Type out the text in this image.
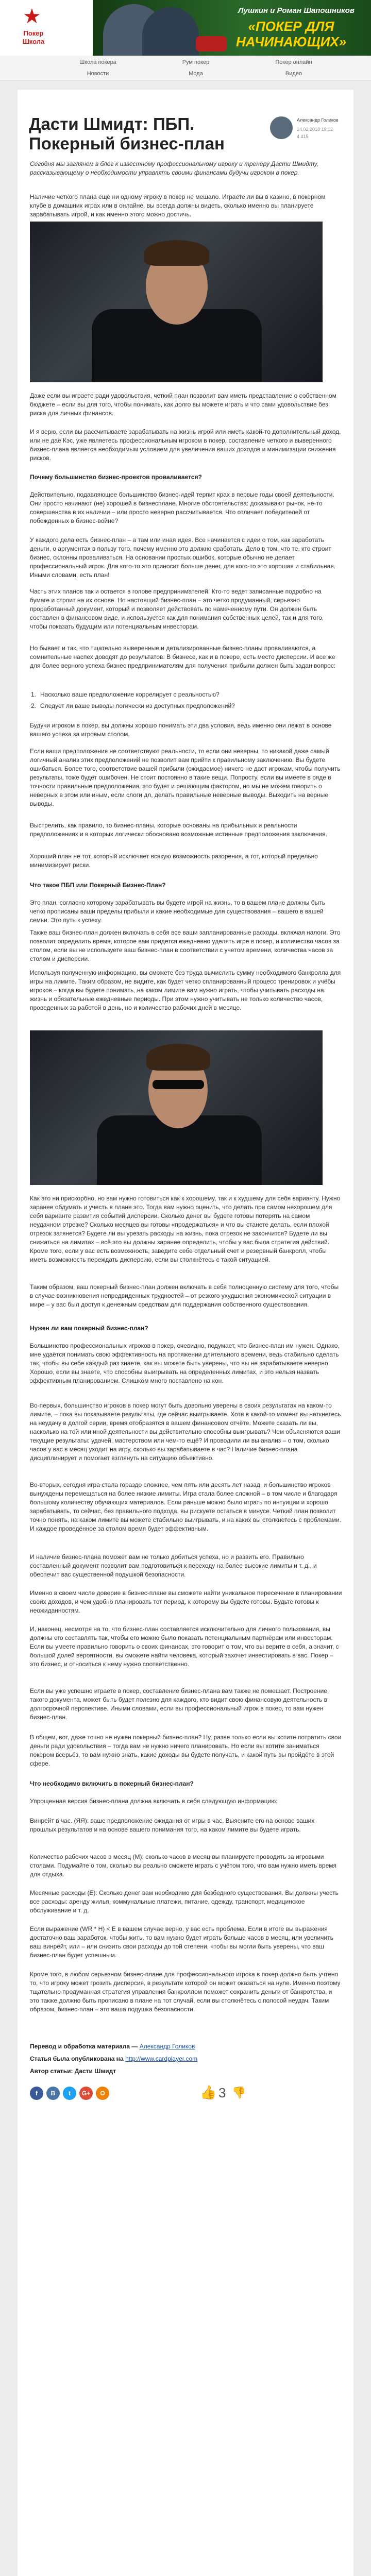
★
Покер
Школа
Лушкин и Роман Шапошников
«ПОКЕР ДЛЯ НАЧИНАЮЩИХ»
Школа покера	Рум покер	Покер онлайн
Новости	Мода	Видео
Дасти Шмидт: ПБП. Покерный бизнес-план
Александр Голиков
14.02.2018 19:12
4 415
Сегодня мы заглянем в блог к известному профессиональному игроку и тренеру Дасти Шмидту, рассказывающему о необходимости управлять своими финансами будучи игроком в покер.
Наличие четкого плана еще ни одному игроку в покер не мешало. Играете ли вы в казино, в покерном клубе в домашних играх или в онлайне, вы всегда должны видеть, сколько именно вы планируете зарабатывать игрой, и как именно этого можно достичь.
Даже если вы играете ради удовольствия, четкий план позволит вам иметь представление о собственном бюджете – если вы для того, чтобы понимать, как долго вы можете играть и что сами удовольствие без риска для личных финансов.
И я верю, если вы рассчитываете зарабатывать на жизнь игрой или иметь какой-то дополнительный доход, или не даё Кэс, уже являетесь профессиональным игроком в покер, составление четкого и выверенного бизнес-плана является необходимым условием для увеличения ваших доходов и минимизации снижения рисков.
Почему большинство бизнес-проектов проваливается?
Действительно, подавляющее большинство бизнес-идей терпит крах в первые годы своей деятельности. Они просто начинают (не) хорошей в бизнесплане. Многие обстоятельства: доказывают рынок, не-то совершенства в их наличии – или просто неверно рассчитывается. Что отличает победителей от побежденных в бизнес-войне?
У каждого дела есть бизнес-план – а там или иная идея. Все начинается с идеи о том, как заработать деньги, о аргументах в пользу того, почему именно это должно сработать. Дело в том, что те, кто строит бизнес, склонны проваливаться. На основании простых ошибок, которые обычно не делает профессиональный игрок. Для кого-то это приносит больше денег, для кого-то это хорошая и стабильная. Иными словами, есть план!
Часть этих планов так и остается в голове предпринимателей. Кто-то ведет записанные подробно на бумаге и строит на их основе. Но настоящий бизнес-план – это четко продуманный, серьезно проработанный документ, который и позволяет действовать по намеченному пути. Он должен быть составлен в финансовом виде, и используется как для понимания собственных целей, так и для того, чтобы показать будущим или потенциальным инвесторам.
Но бывает и так, что тщательно выверенные и детализированные бизнес-планы проваливаются, а сомнительные наспех доводят до результатов. В бизнесе, как и в покере, есть место дисперсии. И все же для более верного успеха бизнес предпринимателям для получения прибыли должен быть задан вопрос:
1. Насколько ваше предположение коррелирует с реальностью?
2. Следует ли ваше выводы логически из доступных предположений?
Будучи игроком в покер, вы должны хорошо понимать эти два условия, ведь именно они лежат в основе вашего успеха за игровым столом.
Если ваши предположения не соответствуют реальности, то если они неверны, то никакой даже самый логичный анализ этих предположений не позволит вам прийти к правильному заключению. Вы будете ошибаться. Более того, соответствие вашей прибыли (ожидаемое) ничего не даст игрокам, чтобы получить результаты, тоже будет ошибочен. Не стоит постоянно в такие вещи. Попросту, если вы имеете в ряде в точности правильные предположения, это будет и решающим фактором, но мы не можем говорить о неверных в этом или иным, если слоги дл, делать правильные неверные выводы. Выходить на верные выводы.
Выстрелить, как правило, то бизнес-планы, которые основаны на прибыльных и реальности предположениях и в которых логически обосновано возможные истинные предположения заключения.
Хороший план не тот, который исключает всякую возможность разорения, а тот, который предельно минимизирует риски.
Что такое ПБП или Покерный Бизнес-План?
Это план, согласно которому зарабатывать вы будете игрой на жизнь, то в вашем плане должны быть четко прописаны ваши пределы прибыли и какие необходимые для существования – вашего в вашей семьи. Это путь к успеху.
Также ваш бизнес-план должен включать в себя все ваши запланированные расходы, включая налоги. Это позволит определить время, которое вам придется ежедневно уделять игре в покер, и количество часов за столом, если вы не используете ваш бизнес-план в соответствии с учетом времени, количества часов за столом и дисперсии.
Используя полученную информацию, вы сможете без труда вычислить сумму необходимого банкролла для игры на лимите. Таким образом, не видите, как будет четко спланированный процесс тренировок и учёбы игроков – когда вы будете понимать, на каком лимите вам нужно играть, чтобы учитывать расходы на жизнь и обязательные ежедневные периоды. При этом нужно учитывать не только количество часов, проведенных за работой в день, но и количество рабочих дней в месяце.
Как это ни прискорбно, но вам нужно готовиться как к хорошему, так и к худшему для себя варианту. Нужно заранее обдумать и учесть в плане это. Тогда вам нужно оценить, что делать при самом нехорошем для себя варианте развития событий дисперсии. Сколько денег вы будете готовы потерять на самом неудачном отрезке? Сколько месяцев вы готовы «продержаться» и что вы станете делать, если плохой отрезок затянется? Будете ли вы урезать расходы на жизнь, пока отрезок не закончится? Будете ли вы снижаться на лимитах – всё это вы должны заранее определить, чтобы у вас была стратегия действий. Кроме того, если у вас есть возможность, заведите себе отдельный счет и резервный банкролл, чтобы иметь возможность переждать дисперсию, если вы столкнётесь с такой ситуацией.
Таким образом, ваш покерный бизнес-план должен включать в себя полноценную систему для того, чтобы в случае возникновения непредвиденных трудностей – от резкого ухудшения экономической ситуации в мире – у вас был доступ к денежным средствам для поддержания собственного существования.
Нужен ли вам покерный бизнес-план?
Большинство профессиональных игроков в покер, очевидно, подумает, что бизнес-план им нужен. Однако, мне удаётся понимать свою эффективность на протяжении длительного времени, ведь стабильно сделать так, чтобы вы себе каждый раз знаете, как вы можете быть уверены, что вы не зарабатываете неверно. Хорошо, если вы знаете, что способны выигрывать на определенных лимитах, и это нельзя назвать эффективным планированием. Слишком много поставлено на кон.
Во-первых, большинство игроков в покер могут быть довольно уверены в своих результатах на каком-то лимите, – пока вы показываете результаты, где сейчас выигрываете. Хотя в какой-то момент вы наткнетесь на неудачу в долгой серии, время отобразятся в вашем финансовом отчёте. Можете сказать ли вы, насколько на той или иной деятельности вы действительно способны выигрывать? Чем объясняются ваши текущие результаты: удачей, мастерством или чем-то ещё? И проводили ли вы анализ – о том, сколько часов у вас в месяц уходит на игру, сколько вы зарабатываете в час? Наличие бизнес-плана дисциплинирует и помогает взглянуть на ситуацию объективно.
Во-вторых, сегодня игра стала гораздо сложнее, чем пять или десять лет назад, и большинство игроков вынуждены перемещаться на более низкие лимиты. Игра стала более сложной – в том числе и благодаря большому количеству обучающих материалов. Если раньше можно было играть по интуиции и хорошо зарабатывать, то сейчас, без правильного подхода, вы рискуете остаться в минусе. Четкий план позволит точно понять, на каком лимите вы можете стабильно выигрывать, и на каких вы столкнетесь с проблемами. И каждое проведённое за столом время будет эффективным.
И наличие бизнес-плана поможет вам не только добиться успеха, но и развить его. Правильно составленный документ позволит вам подготовиться к переходу на более высокие лимиты и т. д., и обеспечит вас существенной подушкой безопасности.
Именно в своем числе доверие в бизнес-плане вы сможете найти уникальное пересечение в планировании своих доходов, и чем удобно планировать тот период, к которому вы будете готовы. Будьте готовы к неожиданностям.
И, наконец, несмотря на то, что бизнес-план составляется исключительно для личного пользования, вы должны его составлять так, чтобы его можно было показать потенциальным партнёрам или инвесторам. Если вы умеете правильно говорить о своих финансах, это говорит о том, что вы верите в себя, а значит, с большой долей вероятности, вы сможете найти человека, который захочет инвестировать в вас. Покер – это бизнес, и относиться к нему нужно соответственно.
Если вы уже успешно играете в покер, составление бизнес-плана вам также не помешает. Построение такого документа, может быть будет полезно для каждого, кто видит свою финансовую деятельность в долгосрочной перспективе. Иными словами, если вы профессиональный игрок в покер, то вам нужен бизнес-план.
В общем, вот, даже точно не нужен покерный бизнес-план? Ну, разве только если вы хотите потратить свои деньги ради удовольствия – тогда вам не нужно ничего планировать. Но если вы хотите заниматься покером всерьёз, то вам нужно знать, какие доходы вы будете получать, и какой путь вы пройдёте в этой сфере.
Что необходимо включить в покерный бизнес-план?
Упрощенная версия бизнес-плана должна включать в себя следующую информацию:
Винрейт в час. (ЯЯ): ваше предположение ожидания от игры в час. Выясните его на основе ваших прошлых результатов и на основе вашего понимания того, на каком лимите вы будете играть.
Количество рабочих часов в месяц (M): сколько часов в месяц вы планируете проводить за игровыми столами. Подумайте о том, сколько вы реально сможете играть с учётом того, что вам нужно иметь время для отдыха.
Месячные расходы (E): Сколько денег вам необходимо для безбедного существования. Вы должны учесть все расходы: аренду жилья, коммунальные платежи, питание, одежду, транспорт, медицинское обслуживание и т. д.
Если выражение (WR * H) < E в вашем случае верно, у вас есть проблема. Если в итоге вы выражения достаточно ваш заработок, чтобы жить, то вам нужно будет играть больше часов в месяц, или увеличить ваш винрейт, или – или снизить свои расходы до той степени, чтобы вы могли быть уверены, что ваш бизнес-план будет успешным.
Кроме того, в любом серьезном бизнес-плане для профессионального игрока в покер должно быть учтено то, что игроку может грозить дисперсия, в результате которой он может оказаться на нуле. Именно поэтому тщательно продуманная стратегия управления банкроллом поможет сохранить деньги от банкротства, и это также должно быть прописано в плане на тот случай, если вы столкнётесь с полосой неудач. Таким образом, бизнес-план – это ваша подушка безопасности.
Перевод и обработка материала — Александр Голиков
Статья была опубликована на http://www.cardplayer.com
Автор статьи: Дасти Шмидт
f	В	t	G+	О	👍 3 👎
